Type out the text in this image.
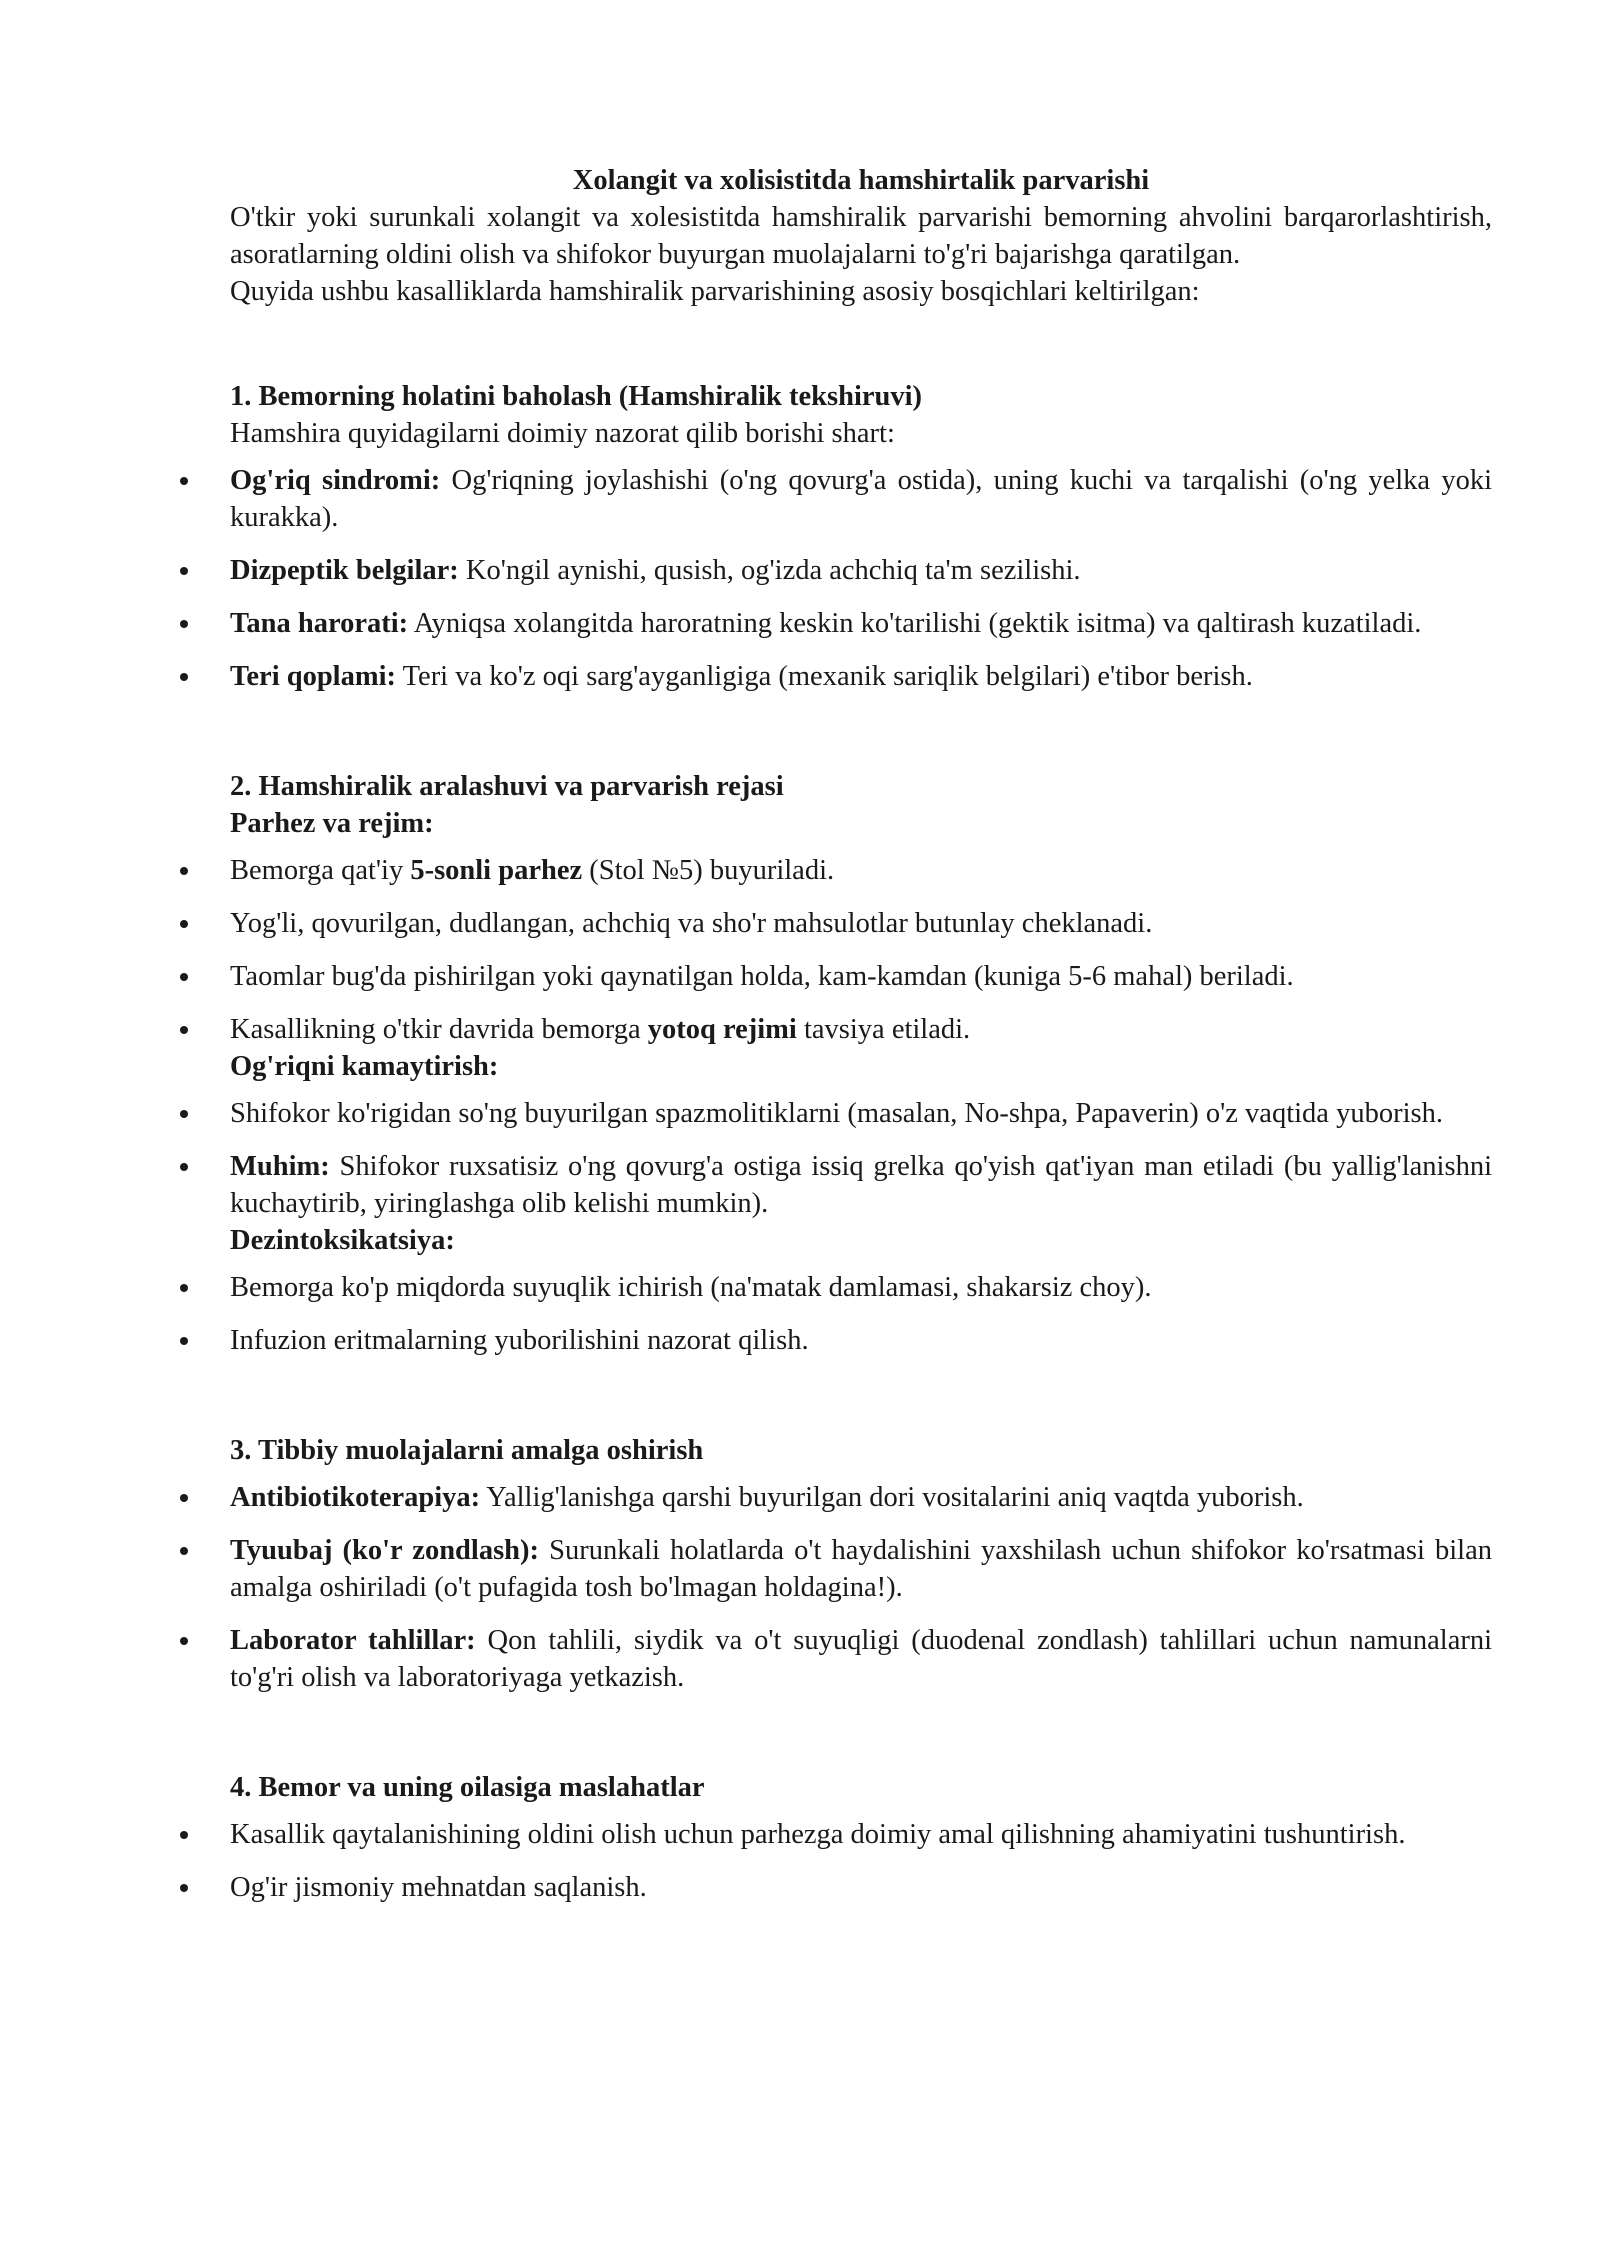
Xolangit va xolisistitda hamshirtalik parvarishi

O'tkir yoki surunkali xolangit va xolesistitda hamshiralik parvarishi bemorning ahvolini barqarorlashtirish, asoratlarning oldini olish va shifokor buyurgan muolajalarni to'g'ri bajarishga qaratilgan.

Quyida ushbu kasalliklarda hamshiralik parvarishining asosiy bosqichlari keltirilgan:

1. Bemorning holatini baholash (Hamshiralik tekshiruvi)

Hamshira quyidagilarni doimiy nazorat qilib borishi shart:

Og'riq sindromi: Og'riqning joylashishi (o'ng qovurg'a ostida), uning kuchi va tarqalishi (o'ng yelka yoki kurakka).
Dizpeptik belgilar: Ko'ngil aynishi, qusish, og'izda achchiq ta'm sezilishi.
Tana harorati: Ayniqsa xolangitda haroratning keskin ko'tarilishi (gektik isitma) va qaltirash kuzatiladi.
Teri qoplami: Teri va ko'z oqi sarg'ayganligiga (mexanik sariqlik belgilari) e'tibor berish.

2. Hamshiralik aralashuvi va parvarish rejasi

Parhez va rejim:

Bemorga qat'iy 5-sonli parhez (Stol №5) buyuriladi.
Yog'li, qovurilgan, dudlangan, achchiq va sho'r mahsulotlar butunlay cheklanadi.
Taomlar bug'da pishirilgan yoki qaynatilgan holda, kam-kamdan (kuniga 5-6 mahal) beriladi.
Kasallikning o'tkir davrida bemorga yotoq rejimi tavsiya etiladi.

Og'riqni kamaytirish:

Shifokor ko'rigidan so'ng buyurilgan spazmolitiklarni (masalan, No-shpa, Papaverin) o'z vaqtida yuborish.
Muhim: Shifokor ruxsatisiz o'ng qovurg'a ostiga issiq grelka qo'yish qat'iyan man etiladi (bu yallig'lanishni kuchaytirib, yiringlashga olib kelishi mumkin).

Dezintoksikatsiya:

Bemorga ko'p miqdorda suyuqlik ichirish (na'matak damlamasi, shakarsiz choy).
Infuzion eritmalarning yuborilishini nazorat qilish.

3. Tibbiy muolajalarni amalga oshirish

Antibiotikoterapiya: Yallig'lanishga qarshi buyurilgan dori vositalarini aniq vaqtda yuborish.
Tyuubaj (ko'r zondlash): Surunkali holatlarda o't haydalishini yaxshilash uchun shifokor ko'rsatmasi bilan amalga oshiriladi (o't pufagida tosh bo'lmagan holdagina!).
Laborator tahlillar: Qon tahlili, siydik va o't suyuqligi (duodenal zondlash) tahlillari uchun namunalarni to'g'ri olish va laboratoriyaga yetkazish.

4. Bemor va uning oilasiga maslahatlar

Kasallik qaytalanishining oldini olish uchun parhezga doimiy amal qilishning ahamiyatini tushuntirish.
Og'ir jismoniy mehnatdan saqlanish.
